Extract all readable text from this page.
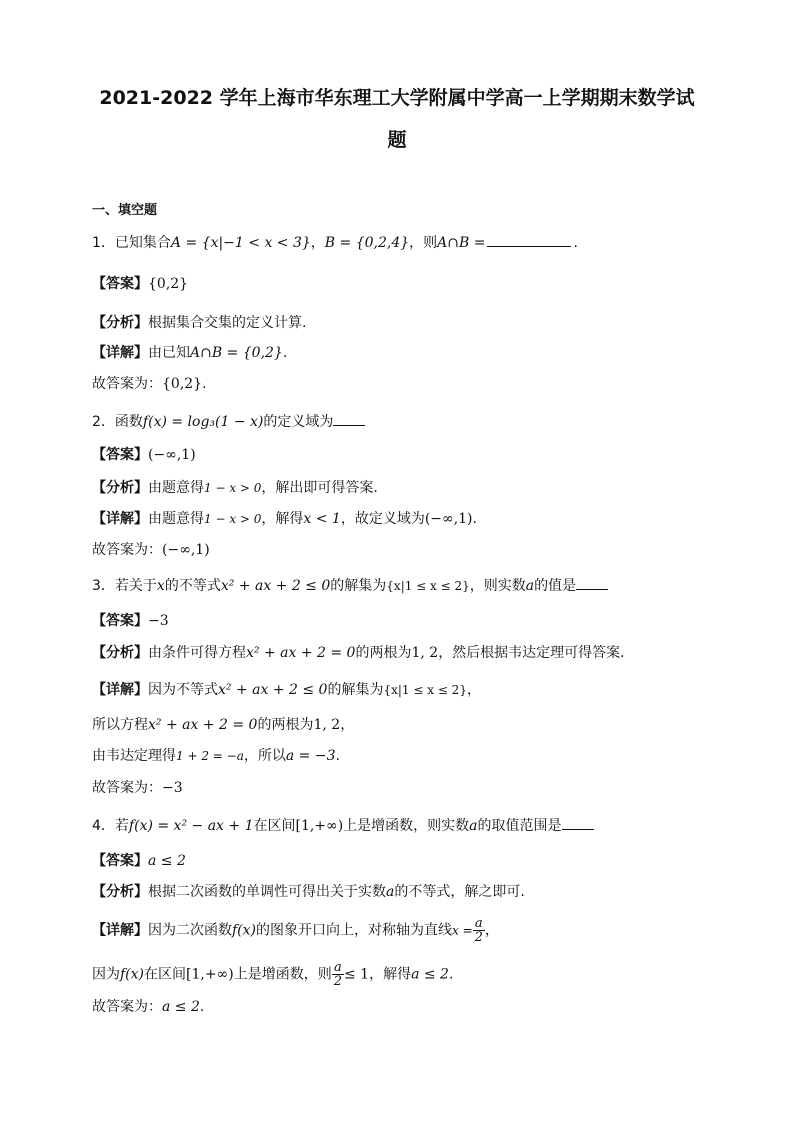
2021-2022 学年上海市华东理工大学附属中学高一上学期期末数学试
题
一、填空题
1．已知集合A = {x|−1 < x < 3}，B = {0,2,4}，则A∩B =	.
【答案】{0,2}
【分析】根据集合交集的定义计算.
【详解】由已知A∩B = {0,2}.
故答案为：{0,2}.
2．函数f(x) = log₃(1 − x)的定义域为
【答案】(−∞,1)
【分析】由题意得1 − x > 0，解出即可得答案.
【详解】由题意得1 − x > 0，解得x < 1，故定义域为(−∞,1).
故答案为：(−∞,1)
3．若关于x的不等式x² + ax + 2 ≤ 0的解集为{x|1 ≤ x ≤ 2}，则实数a的值是
【答案】−3
【分析】由条件可得方程x² + ax + 2 = 0的两根为1, 2，然后根据韦达定理可得答案.
【详解】因为不等式x² + ax + 2 ≤ 0的解集为{x|1 ≤ x ≤ 2}，
所以方程x² + ax + 2 = 0的两根为1, 2，
由韦达定理得1 + 2 = −a，所以a = −3.
故答案为：−3
4．若f(x) = x² − ax + 1在区间[1,+∞)上是增函数，则实数a的取值范围是
【答案】a ≤ 2
【分析】根据二次函数的单调性可得出关于实数a的不等式，解之即可.
【详解】因为二次函数f(x)的图象开口向上，对称轴为直线$x = \frac{a}{2}$ ，
因为f(x)在区间[1,+∞)上是增函数，则 $\frac{a}{2} \le 1$，解得a ≤ 2.
故答案为：a ≤ 2.
